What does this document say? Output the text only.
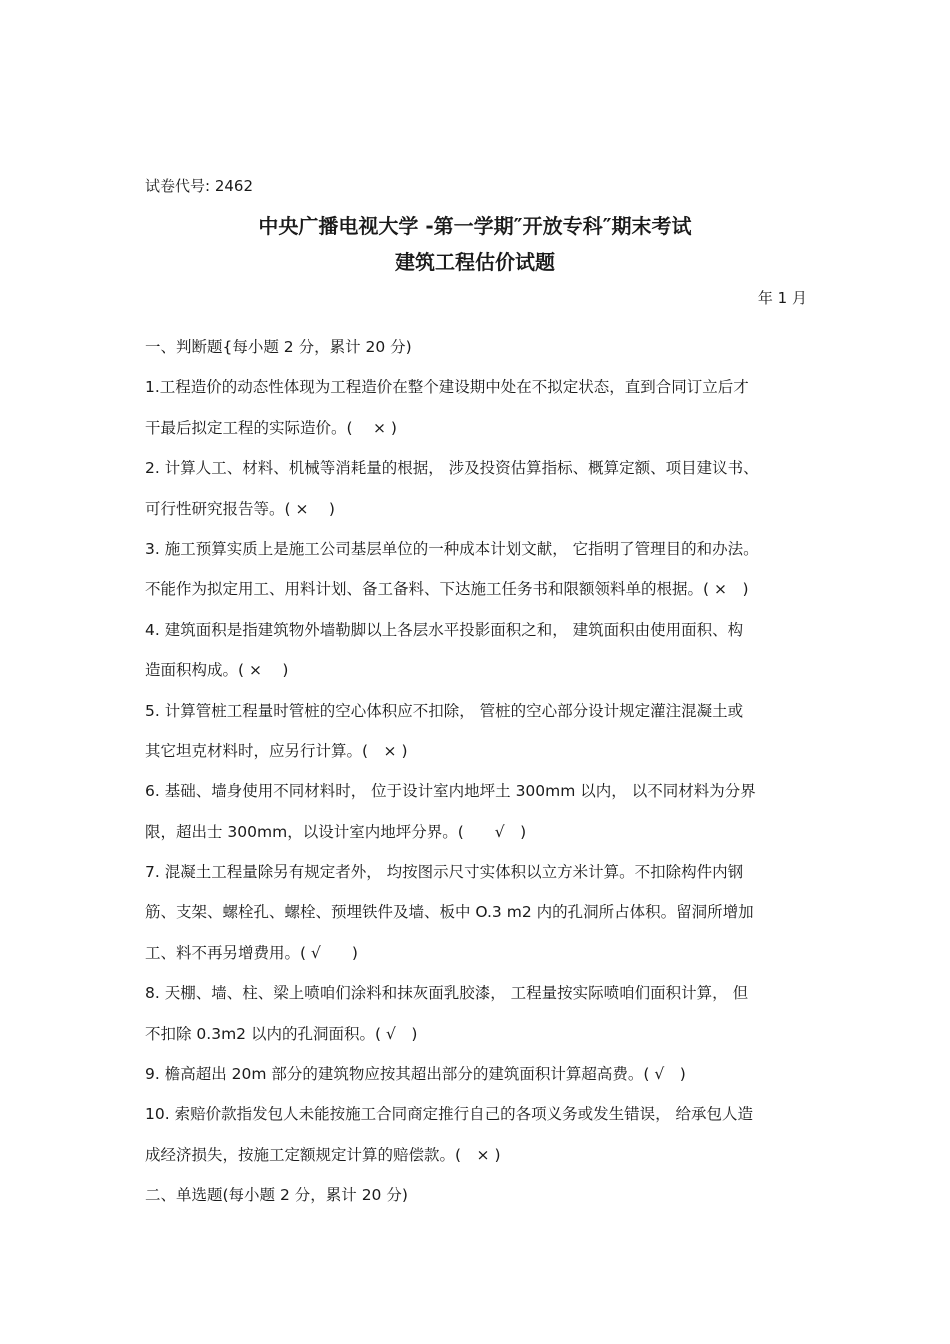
试卷代号: 2462
中央广播电视大学 -第一学期″开放专科″期末考试
建筑工程估价试题
年 1 月
一、判断题{每小题 2 分，累计 20 分)
1.工程造价的动态性体现为工程造价在整个建设期中处在不拟定状态，直到合同订立后才
干最后拟定工程的实际造价。(　 × )
2. 计算人工、材料、机械等消耗量的根据， 涉及投资估算指标、概算定额、项目建议书、
可行性研究报告等。( ×　 )
3. 施工预算实质上是施工公司基层单位的一种成本计划文献， 它指明了管理目的和办法。
不能作为拟定用工、用料计划、备工备料、下达施工任务书和限额领料单的根据。( ×　)
4. 建筑面积是指建筑物外墙勒脚以上各层水平投影面积之和， 建筑面积由使用面积、构
造面积构成。( ×　 )
5. 计算管桩工程量时管桩的空心体积应不扣除， 管桩的空心部分设计规定灌注混凝土或
其它坦克材料时，应另行计算。(　× )
6. 基础、墙身使用不同材料时， 位于设计室内地坪土 300mm 以内， 以不同材料为分界
限，超出士 300mm，以设计室内地坪分界。(　　√　)
7. 混凝土工程量除另有规定者外， 均按图示尺寸实体积以立方米计算。不扣除构件内钢
筋、支架、螺栓孔、螺栓、预埋铁件及墙、板中 O.3 m2 内的孔洞所占体积。留洞所增加
工、料不再另增费用。( √　　)
8. 天棚、墙、柱、梁上喷咱们涂料和抹灰面乳胶漆， 工程量按实际喷咱们面积计算， 但
不扣除 0.3m2 以内的孔洞面积。( √　)
9. 檐高超出 20m 部分的建筑物应按其超出部分的建筑面积计算超高费。( √　)
10. 索赔价款指发包人未能按施工合同商定推行自己的各项义务或发生错误， 给承包人造
成经济损失，按施工定额规定计算的赔偿款。(　× )
二、单选题(每小题 2 分，累计 20 分)
